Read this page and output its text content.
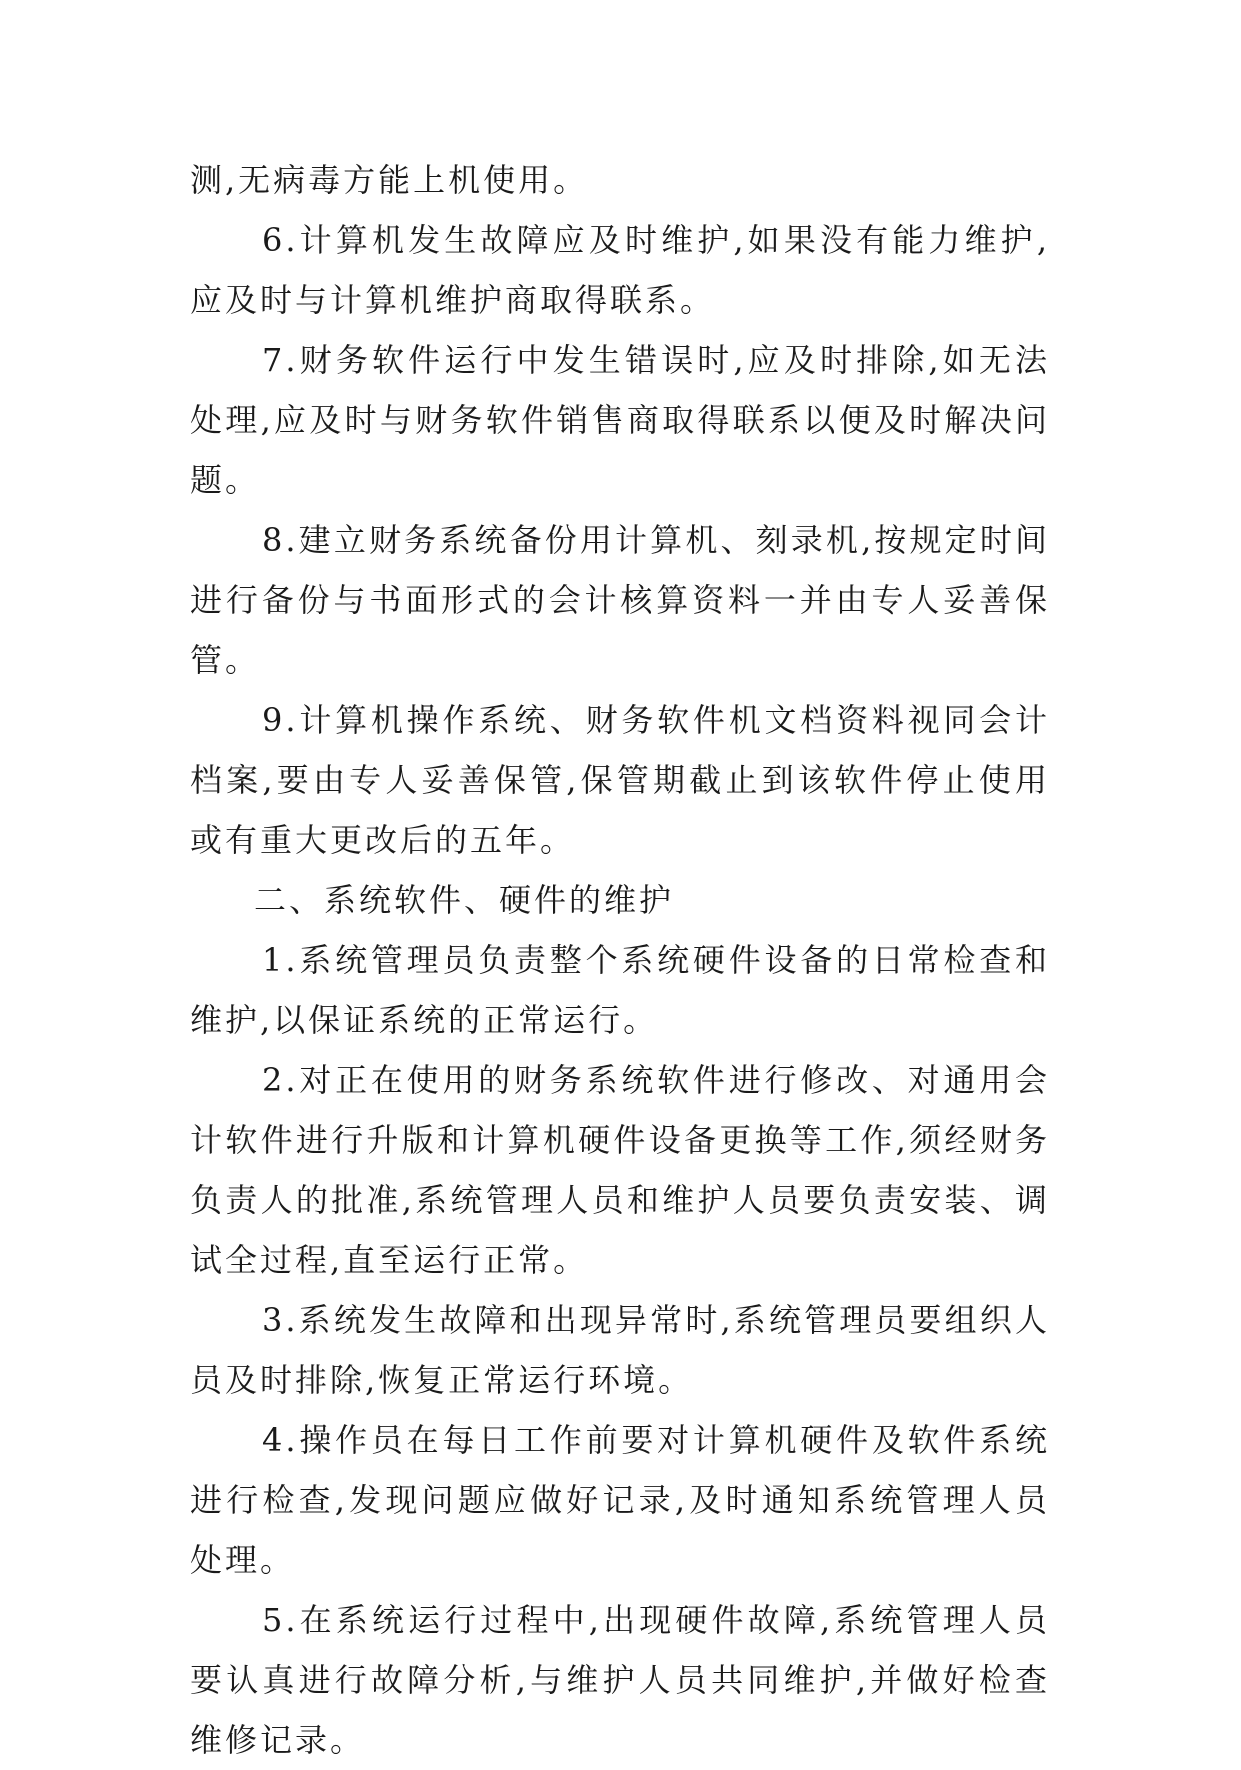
测,无病毒方能上机使用。

6.计算机发生故障应及时维护,如果没有能力维护,应及时与计算机维护商取得联系。

7.财务软件运行中发生错误时,应及时排除,如无法处理,应及时与财务软件销售商取得联系以便及时解决问题。

8.建立财务系统备份用计算机、刻录机,按规定时间进行备份与书面形式的会计核算资料一并由专人妥善保管。

9.计算机操作系统、财务软件机文档资料视同会计档案,要由专人妥善保管,保管期截止到该软件停止使用或有重大更改后的五年。

二、系统软件、硬件的维护

1.系统管理员负责整个系统硬件设备的日常检查和维护,以保证系统的正常运行。

2.对正在使用的财务系统软件进行修改、对通用会计软件进行升版和计算机硬件设备更换等工作,须经财务负责人的批准,系统管理人员和维护人员要负责安装、调试全过程,直至运行正常。

3.系统发生故障和出现异常时,系统管理员要组织人员及时排除,恢复正常运行环境。

4.操作员在每日工作前要对计算机硬件及软件系统进行检查,发现问题应做好记录,及时通知系统管理人员处理。

5.在系统运行过程中,出现硬件故障,系统管理人员要认真进行故障分析,与维护人员共同维护,并做好检查维修记录。
